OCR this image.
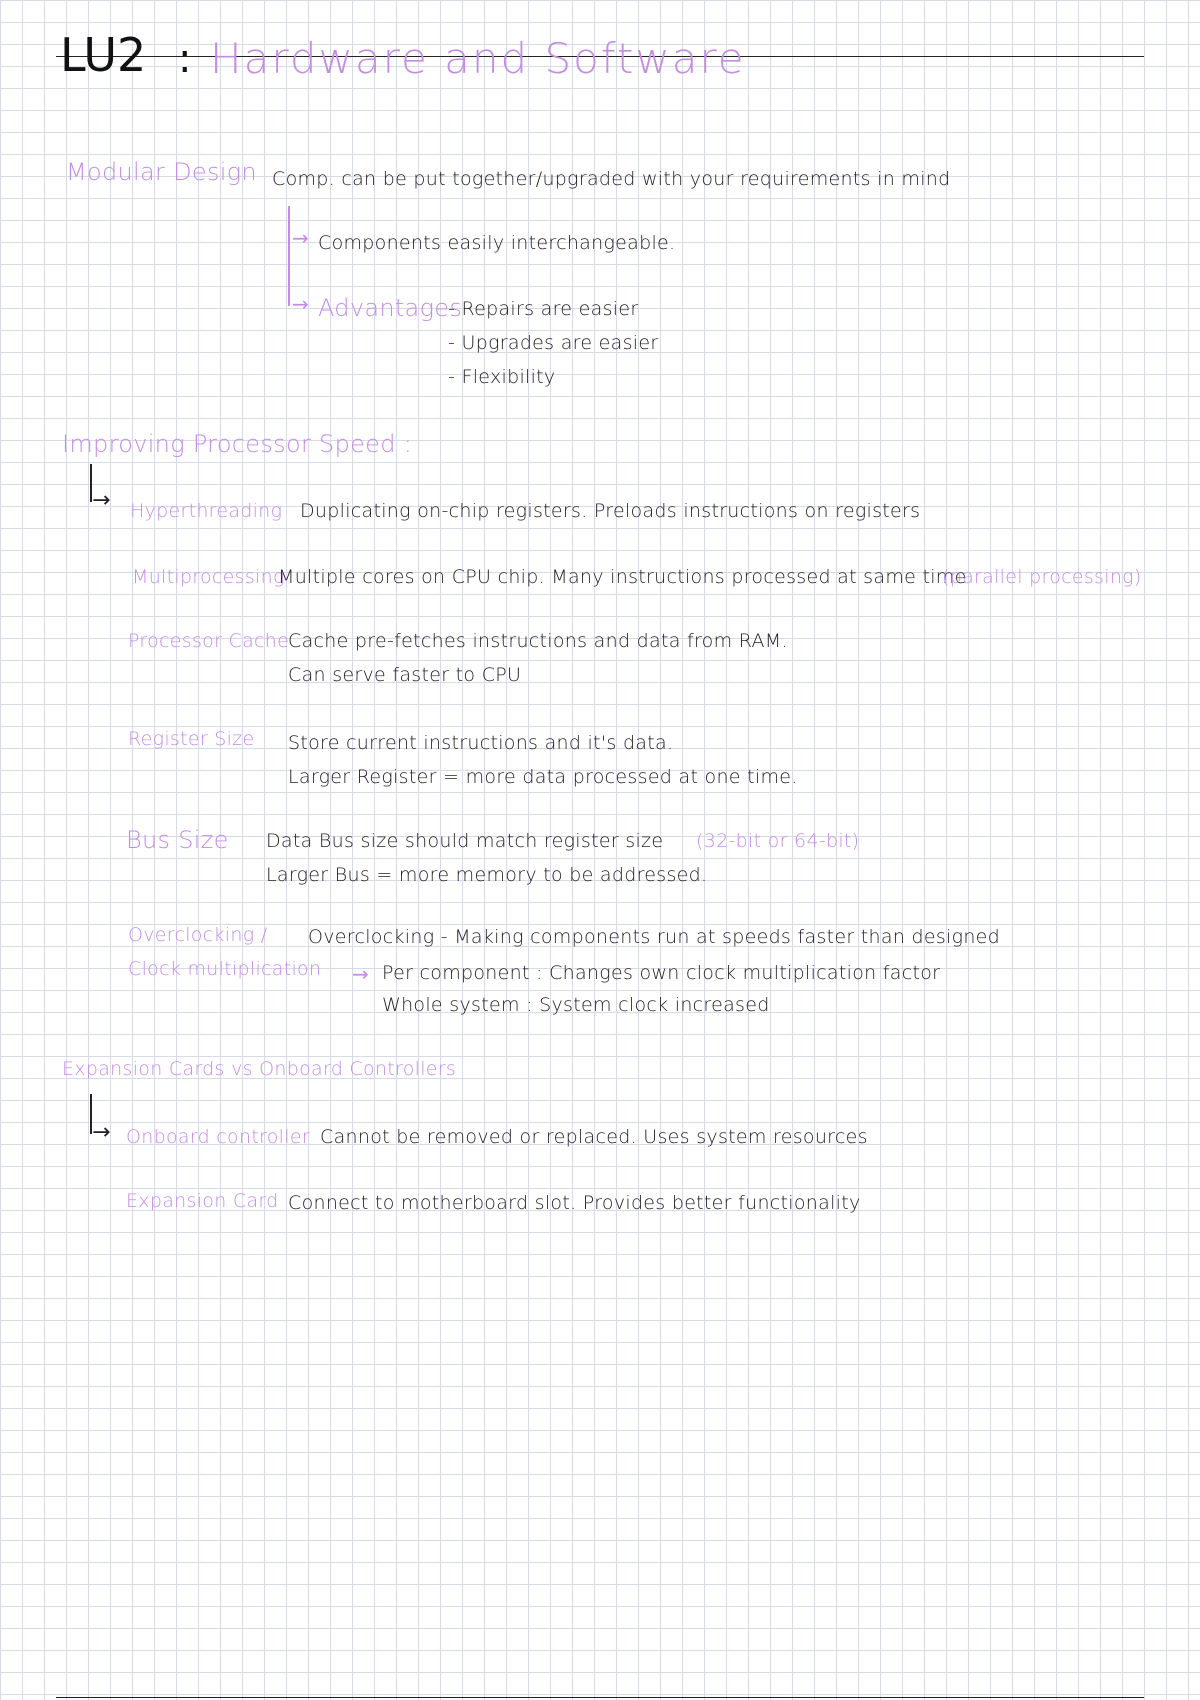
LU2 : Hardware and Software
Modular Design Comp. can be put together/upgraded with your requirements in mind
→ Components easily interchangeable.
→ Advantages
- Repairs are easier
- Upgrades are easier
- Flexibility
Improving Processor Speed :
→ Hyperthreading Duplicating on-chip registers. Preloads instructions on registers
Multiprocessing
Multiple cores on CPU chip. Many instructions processed at same time
(parallel processing)
Processor Cache
Cache pre-fetches instructions and data from RAM.
Can serve faster to CPU
Register Size Store current instructions and it's data.
Larger Register = more data processed at one time.
Bus Size Data Bus size should match register size (32-bit or 64-bit)
Larger Bus = more memory to be addressed.
Overclocking /
Clock multiplication
Overclocking - Making components run at speeds faster than designed
→ Per component : Changes own clock multiplication factor
Whole system : System clock increased
Expansion Cards vs Onboard Controllers
→ Onboard controller Cannot be removed or replaced. Uses system resources
Expansion Card Connect to motherboard slot. Provides better functionality
